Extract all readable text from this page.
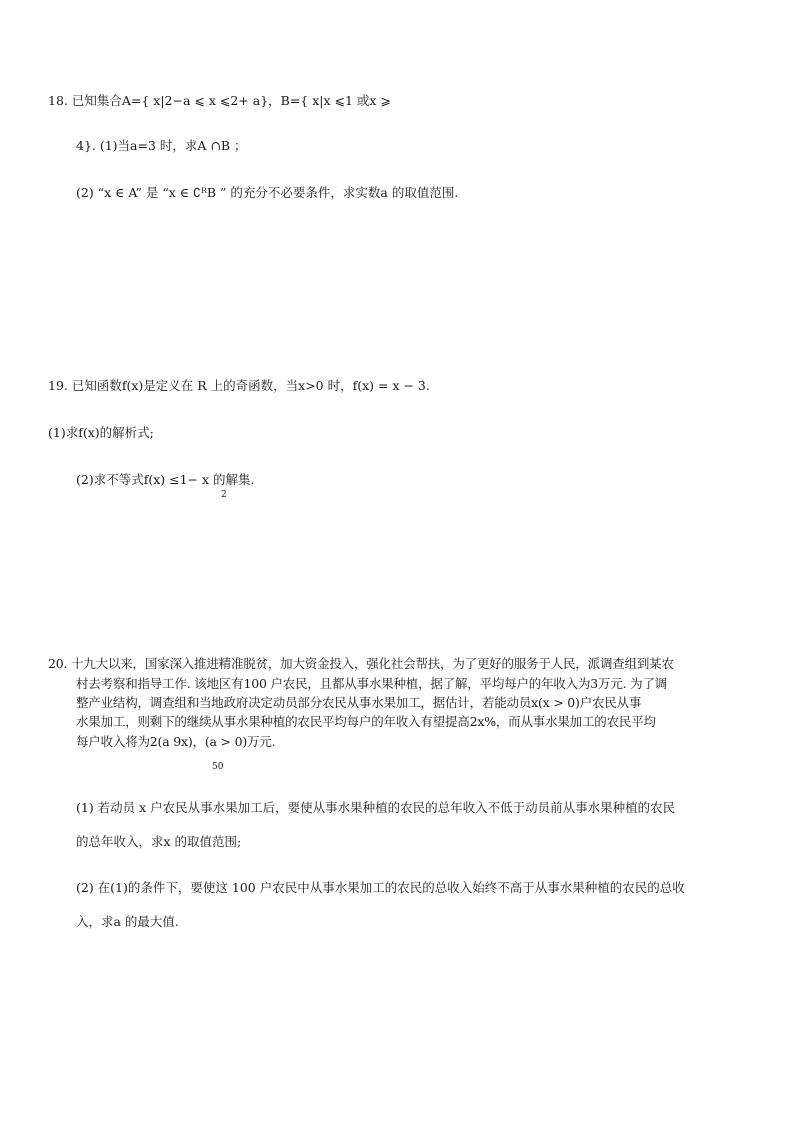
18. 已知集合A={ x|2−a ⩽ x ⩽2+ a}，B={ x|x ⩽1 或x ⩾
4}. (1)当a=3 时，求A ∩B ；
(2) “x ∈ A” 是 “x ∈ ∁ᴿB ” 的充分不必要条件，求实数a 的取值范围.
19. 已知函数f(x)是定义在 R 上的奇函数，当x>0 时，f(x) = x − 3.
(1)求f(x)的解析式;
(2)求不等式f(x) ≤1− x 的解集.
2
20. 十九大以来，国家深入推进精准脱贫，加大资金投入，强化社会帮扶，为了更好的服务于人民，派调查组到某农
村去考察和指导工作. 该地区有100 户农民，且都从事水果种植，据了解，平均每户的年收入为3万元. 为了调
整产业结构，调查组和当地政府决定动员部分农民从事水果加工，据估计，若能动员x(x > 0)户农民从事
水果加工，则剩下的继续从事水果种植的农民平均每户的年收入有望提高2x%，而从事水果加工的农民平均
每户收入将为2(a 9x)，(a > 0)万元.
50
(1) 若动员 x 户农民从事水果加工后，要使从事水果种植的农民的总年收入不低于动员前从事水果种植的农民
的总年收入，求x 的取值范围;
(2) 在(1)的条件下，要使这 100 户农民中从事水果加工的农民的总收入始终不高于从事水果种植的农民的总收
入，求a 的最大值.
